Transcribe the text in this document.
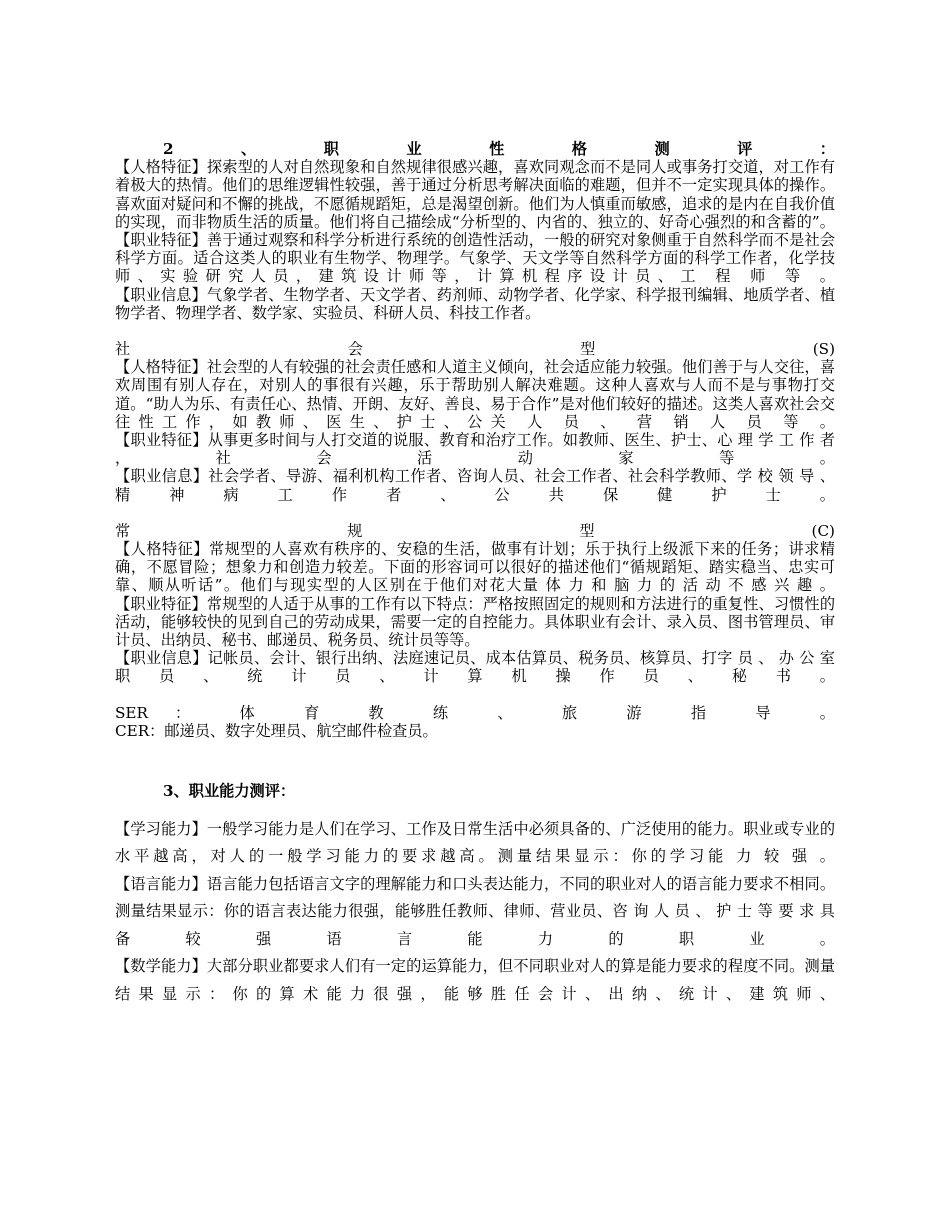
2、职业性格测评：

【人格特征】探索型的人对自然现象和自然规律很感兴趣，喜欢同观念而不是同人或事务打交道，对工作有着极大的热情。他们的思维逻辑性较强，善于通过分析思考解决面临的难题，但并不一定实现具体的操作。喜欢面对疑问和不懈的挑战，不愿循规蹈矩，总是渴望创新。他们为人慎重而敏感，追求的是内在自我价值的实现，而非物质生活的质量。他们将自己描绘成“分析型的、内省的、独立的、好奇心强烈的和含蓄的”。

【职业特征】善于通过观察和科学分析进行系统的创造性活动，一般的研究对象侧重于自然科学而不是社会科学方面。适合这类人的职业有生物学、物理学。气象学、天文学等自然科学方面的科学工作者，化学技师、实验研究人员，建筑设计师等，计算机程序设计员、工 程 师 等 。

【职业信息】气象学者、生物学者、天文学者、药剂师、动物学者、化学家、科学报刊编辑、地质学者、植物学者、物理学者、数学家、实验员、科研人员、科技工作者。

社 会 型 (S)

【人格特征】社会型的人有较强的社会责任感和人道主义倾向，社会适应能力较强。他们善于与人交往，喜欢周围有别人存在，对别人的事很有兴趣，乐于帮助别人解决难题。这种人喜欢与人而不是与事物打交道。“助人为乐、有责任心、热情、开朗、友好、善良、易于合作”是对他们较好的描述。这类人喜欢社会交往性工作，如教师、医生、护士、公关 人 员 、 营 销 人 员 等 。

【职业特征】从事更多时间与人打交道的说服、教育和治疗工作。如教师、医生、护士、心 理 学 工 作 者 ， 社 会 活 动 家 等 。

【职业信息】社会学者、导游、福利机构工作者、咨询人员、社会工作者、社会科学教师、学 校 领 导 、 精 神 病 工 作 者 、 公 共 保 健 护 士 。

常 规 型 (C)

【人格特征】常规型的人喜欢有秩序的、安稳的生活，做事有计划；乐于执行上级派下来的任务；讲求精确，不愿冒险；想象力和创造力较差。下面的形容词可以很好的描述他们“循规蹈矩、踏实稳当、忠实可靠、顺从听话”。他们与现实型的人区别在于他们对花大量 体 力 和 脑 力 的 活 动 不 感 兴 趣 。

【职业特征】常规型的人适于从事的工作有以下特点：严格按照固定的规则和方法进行的重复性、习惯性的活动，能够较快的见到自己的劳动成果，需要一定的自控能力。具体职业有会计、录入员、图书管理员、审计员、出纳员、秘书、邮递员、税务员、统计员等等。

【职业信息】记帐员、会计、银行出纳、法庭速记员、成本估算员、税务员、核算员、打字 员 、 办 公 室 职 员 、 统 计 员 、 计 算 机 操 作 员 、 秘 书 。

SER ： 体 育 教 练 、 旅 游 指 导 。

CER：邮递员、数字处理员、航空邮件检查员。

3、职业能力测评：

【学习能力】一般学习能力是人们在学习、工作及日常生活中必须具备的、广泛使用的能力。职业或专业的水平越高，对人的一般学习能力的要求越高。测量结果显示：你的学习能 力 较 强 。

【语言能力】语言能力包括语言文字的理解能力和口头表达能力，不同的职业对人的语言能力要求不相同。测量结果显示：你的语言表达能力很强，能够胜任教师、律师、营业员、咨 询 人 员 、 护 士 等 要 求 具 备 较 强 语 言 能 力 的 职 业 。

【数学能力】大部分职业都要求人们有一定的运算能力，但不同职业对人的算是能力要求的程度不同。测量结果显示：你的算术能力很强，能够胜任会计、出纳、统计、建筑师、
